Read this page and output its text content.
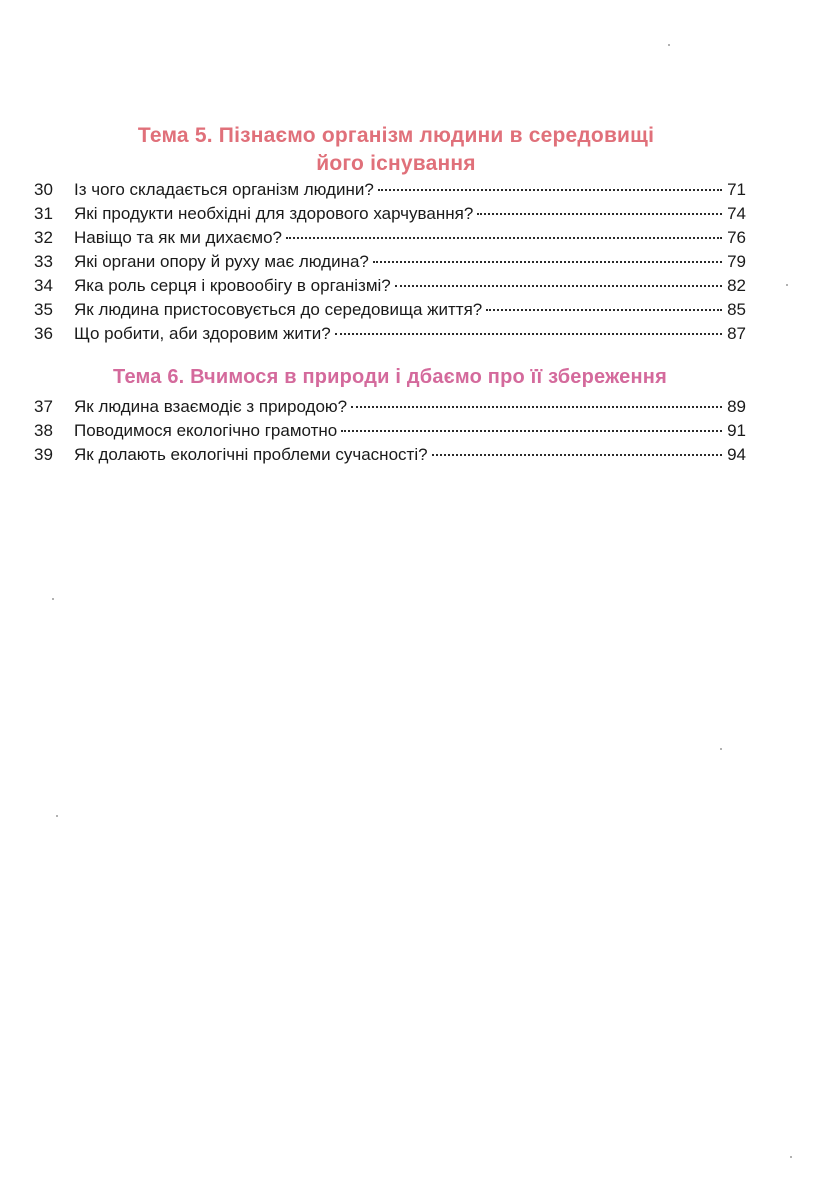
Тема 5. Пізнаємо організм людини в середовищі
його існування
30	Із чого складається організм людини?	71
31	Які продукти необхідні для здорового харчування?	74
32	Навіщо та як ми дихаємо?	76
33	Які органи опору й руху має людина?	79
34	Яка роль серця і кровообігу в організмі?	82
35	Як людина пристосовується до середовища життя?	85
36	Що робити, аби здоровим жити?	87
Тема 6. Вчимося в природи і дбаємо про її збереження
37	Як людина взаємодіє з природою?	89
38	Поводимося екологічно грамотно	91
39	Як долають екологічні проблеми сучасності?	94
